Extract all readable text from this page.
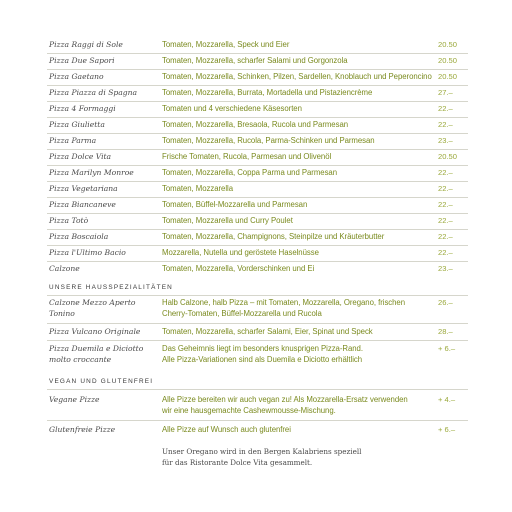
Pizza Raggi di Sole	Tomaten, Mozzarella, Speck und Eier	20.50
Pizza Due Sapori	Tomaten, Mozzarella, scharfer Salami und Gorgonzola	20.50
Pizza Gaetano	Tomaten, Mozzarella, Schinken, Pilzen, Sardellen, Knoblauch und Peperoncino 20.50
Pizza Piazza di Spagna	Tomaten, Mozzarella, Burrata, Mortadella und Pistaziencrème	27.–
Pizza 4 Formaggi	Tomaten und 4 verschiedene Käsesorten	22.–
Pizza Giulietta	Tomaten, Mozzarella, Bresaola, Rucola und Parmesan	22.–
Pizza Parma	Tomaten, Mozzarella, Rucola, Parma-Schinken und Parmesan	23.–
Pizza Dolce Vita	Frische Tomaten, Rucola, Parmesan und Olivenöl	20.50
Pizza Marilyn Monroe	Tomaten, Mozzarella, Coppa Parma und Parmesan	22.–
Pizza Vegetariana	Tomaten, Mozzarella	22.–
Pizza Biancaneve	Tomaten, Büffel-Mozzarella und Parmesan	22.–
Pizza Totò	Tomaten, Mozzarella und Curry Poulet	22.–
Pizza Boscaiola	Tomaten, Mozzarella, Champignons, Steinpilze und Kräuterbutter	22.–
Pizza l'Ultimo Bacio	Mozzarella, Nutella und geröstete Haselnüsse	22.–
Calzone	Tomaten, Mozzarella, Vorderschinken und Ei	23.–
UNSERE HAUSSPEZIALITÄTEN
Calzone Mezzo Aperto	Halb Calzone, halb Pizza – mit Tomaten, Mozzarella, Oregano, frischen	26.–
Tonino	Cherry-Tomaten, Büffel-Mozzarella und Rucola
Pizza Vulcano Originale	Tomaten, Mozzarella, scharfer Salami, Eier, Spinat und Speck	28.–
Pizza Duemila e Diciotto	Das Geheimnis liegt im besonders knusprigen Pizza-Rand.	+ 6.–
molto croccante	Alle Pizza-Variationen sind als Duemila e Diciotto erhältlich
VEGAN UND GLUTENFREI
Vegane Pizze	Alle Pizze bereiten wir auch vegan zu! Als Mozzarella-Ersatz verwenden	+ 4.–
wir eine hausgemachte Cashewmousse-Mischung.
Glutenfreie Pizze	Alle Pizze auf Wunsch auch glutenfrei	+ 6.–
Unser Oregano wird in den Bergen Kalabriens speziell
für das Ristorante Dolce Vita gesammelt.
